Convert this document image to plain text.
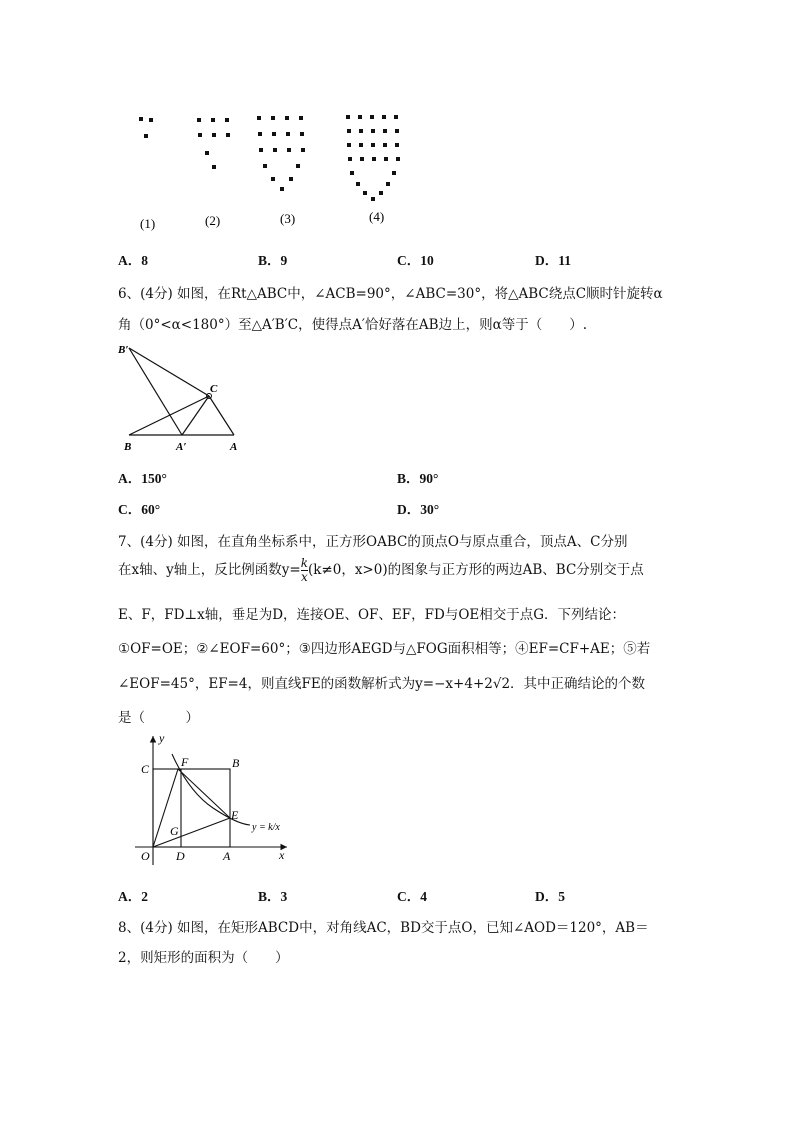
(1)	(2)	(3)	(4)
A．8	B．9	C．10	D．11
6、(4分) 如图，在Rt△ABC中，∠ACB=90°，∠ABC=30°，将△ABC绕点C顺时针旋转α
角（0°<α<180°）至△A′B′C，使得点A′恰好落在AB边上，则α等于（　　）.
B′
C
B	A′	A
A．150°	B．90°
C．60°	D．30°
7、(4分) 如图，在直角坐标系中，正方形OABC的顶点O与原点重合，顶点A、C分别
在x轴、y轴上，反比例函数$y= \frac{k}{x} (k\ne 0$，x>0)的图象与正方形的两边AB、BC分别交于点
E、F，FD⊥x轴，垂足为D，连接OE、OF、EF，FD与OE相交于点G．下列结论：
①OF=OE；②∠EOF=60°；③四边形AEGD与△FOG面积相等；④EF=CF+AE；⑤若
∠EOF=45°，EF=4，则直线FE的函数解析式为y=−x+4+2√2．其中正确结论的个数
是（　　　）
y
x
O
C	B
F
E
G
D	A
y = k/x
A．2	B．3	C．4	D．5
8、(4分) 如图，在矩形ABCD中，对角线AC，BD交于点O，已知∠AOD＝120°，AB＝
2，则矩形的面积为（　　）
